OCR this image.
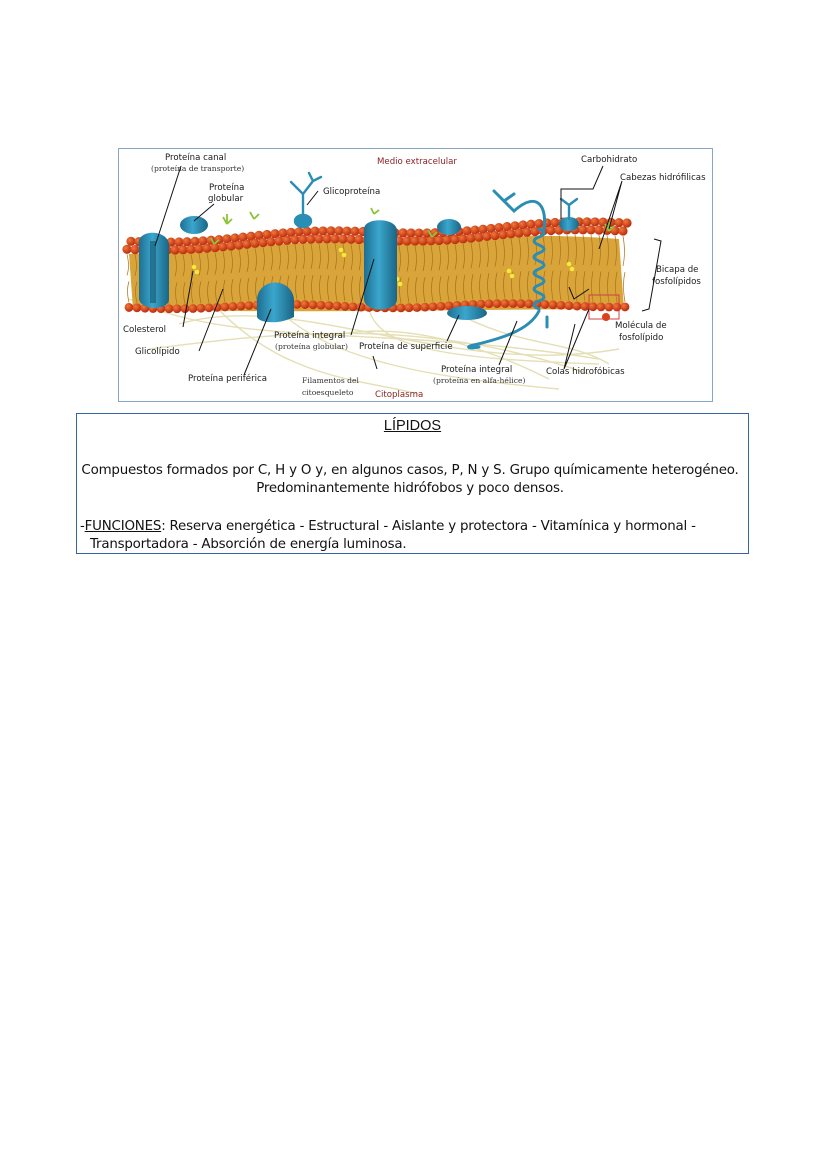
Proteína canal
(proteína de transporte)
Proteína
globular
Medio extracelular
Glicoproteína
Carbohidrato
Cabezas hidrófilicas
Bicapa de
fosfolípidos
Molécula de
fosfolípido
Colesterol
Glicolípido
Proteína periférica
Proteína integral
(proteína globular) Proteína de superficie
Filamentos del
citoesqueleto	Citoplasma
Proteína integral
(proteína en alfa-hélice)
Colas hidrofóbicas
LÍPIDOS
Compuestos formados por C, H y O y, en algunos casos, P, N y S. Grupo químicamente heterogéneo.
Predominantemente hidrófobos y poco densos.
-FUNCIONES: Reserva energética - Estructural - Aislante y protectora - Vitamínica y hormonal -
Transportadora - Absorción de energía luminosa.
